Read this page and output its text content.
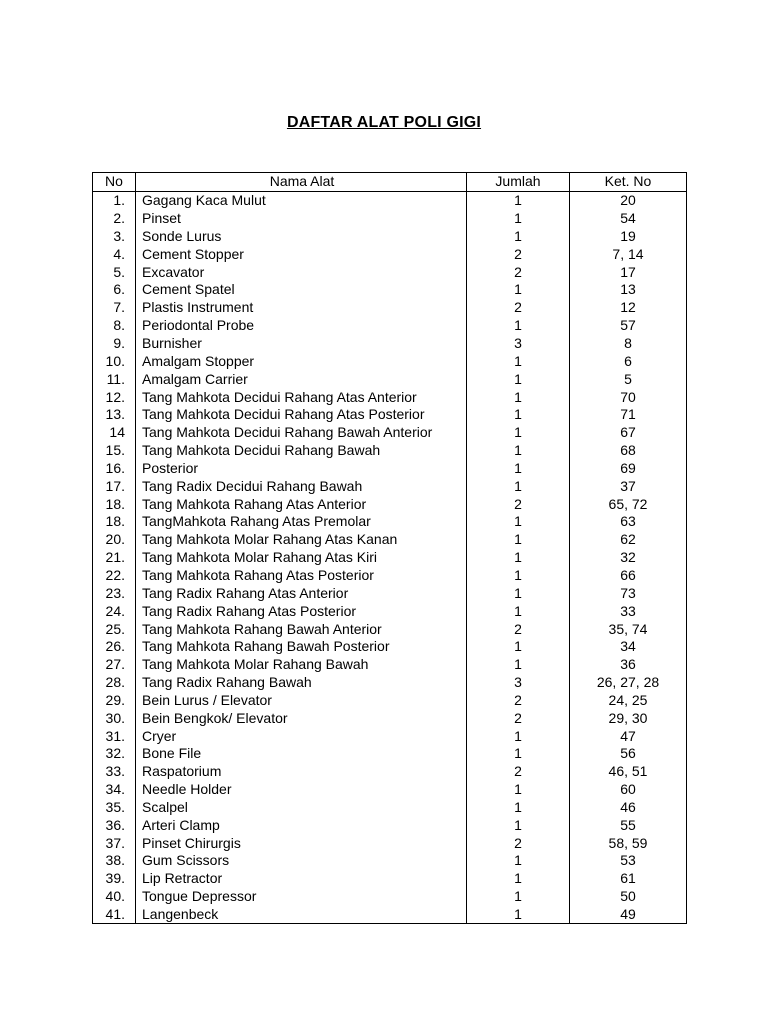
DAFTAR ALAT POLI GIGI
No	Nama Alat	Jumlah	Ket. No
1.	Gagang Kaca Mulut	1	20
2.	Pinset	1	54
3.	Sonde Lurus	1	19
4.	Cement Stopper	2	7, 14
5.	Excavator	2	17
6.	Cement Spatel	1	13
7.	Plastis Instrument	2	12
8.	Periodontal Probe	1	57
9.	Burnisher	3	8
10.	Amalgam Stopper	1	6
11.	Amalgam Carrier	1	5
12.	Tang Mahkota Decidui Rahang Atas Anterior	1	70
13.	Tang Mahkota Decidui Rahang Atas Posterior	1	71
14	Tang Mahkota Decidui Rahang Bawah Anterior	1	67
15.	Tang Mahkota Decidui Rahang Bawah	1	68
16.	Posterior	1	69
17.	Tang Radix Decidui Rahang Bawah	1	37
18.	Tang Mahkota Rahang Atas Anterior	2	65, 72
18.	TangMahkota Rahang Atas Premolar	1	63
20.	Tang Mahkota Molar Rahang Atas Kanan	1	62
21.	Tang Mahkota Molar Rahang Atas Kiri	1	32
22.	Tang Mahkota Rahang Atas Posterior	1	66
23.	Tang Radix Rahang Atas Anterior	1	73
24.	Tang Radix Rahang Atas Posterior	1	33
25.	Tang Mahkota Rahang Bawah Anterior	2	35, 74
26.	Tang Mahkota Rahang Bawah Posterior	1	34
27.	Tang Mahkota Molar Rahang Bawah	1	36
28.	Tang Radix Rahang Bawah	3	26, 27, 28
29.	Bein Lurus / Elevator	2	24, 25
30.	Bein Bengkok/ Elevator	2	29, 30
31.	Cryer	1	47
32.	Bone File	1	56
33.	Raspatorium	2	46, 51
34.	Needle Holder	1	60
35.	Scalpel	1	46
36.	Arteri Clamp	1	55
37.	Pinset Chirurgis	2	58, 59
38.	Gum Scissors	1	53
39.	Lip Retractor	1	61
40.	Tongue Depressor	1	50
41.	Langenbeck	1	49
